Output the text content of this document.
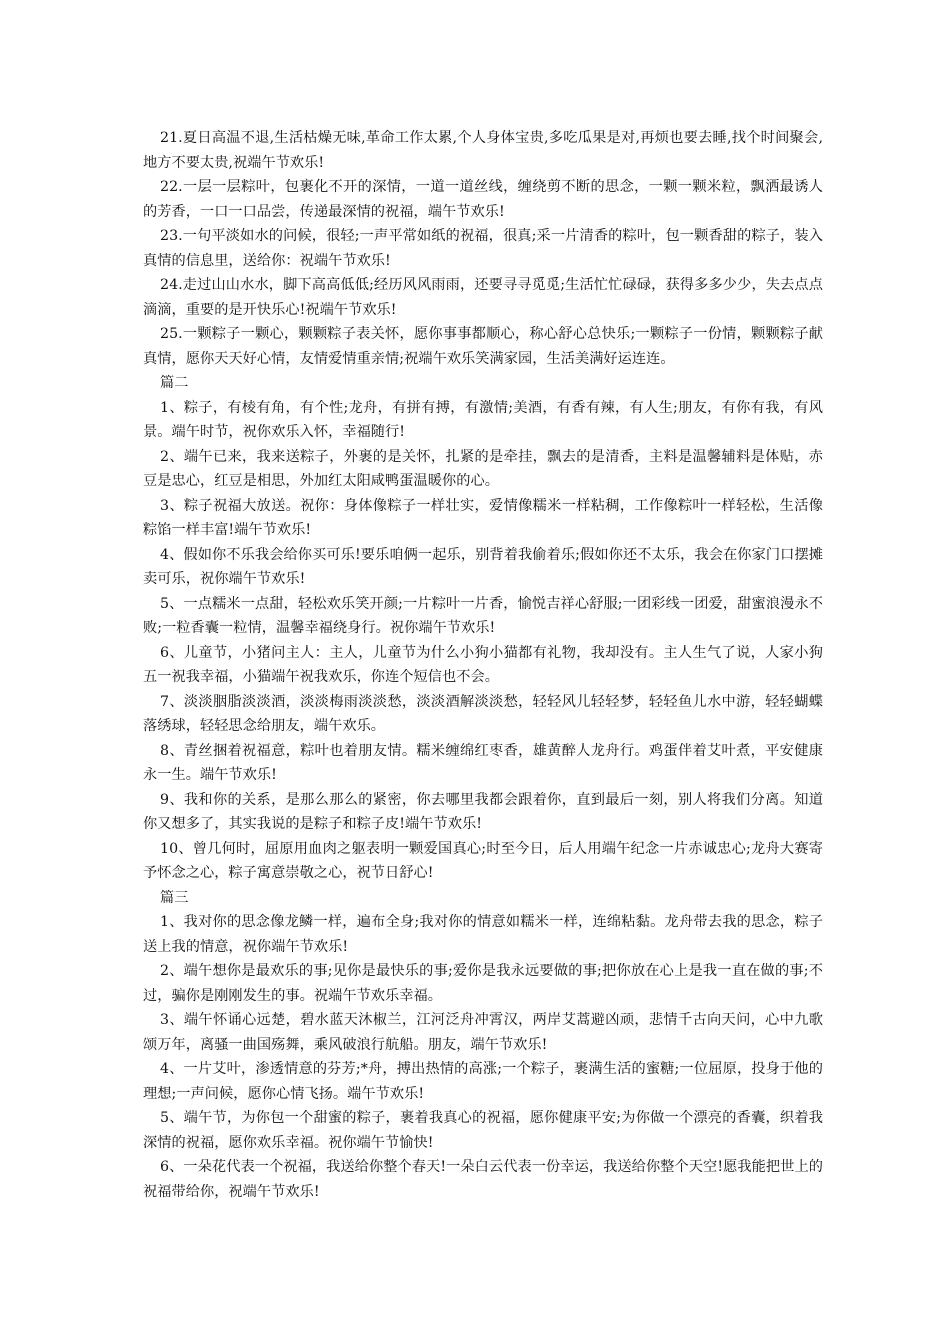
21.夏日高温不退,生活枯燥无味,革命工作太累,个人身体宝贵,多吃瓜果是对,再烦也要去睡,找个时间聚会,地方不要太贵,祝端午节欢乐!

22.一层一层粽叶，包裹化不开的深情，一道一道丝线，缠绕剪不断的思念，一颗一颗米粒，飘洒最诱人的芳香，一口一口品尝，传递最深情的祝福，端午节欢乐!

23.一句平淡如水的问候，很轻;一声平常如纸的祝福，很真;采一片清香的粽叶，包一颗香甜的粽子，装入真情的信息里，送给你：祝端午节欢乐!

24.走过山山水水，脚下高高低低;经历风风雨雨，还要寻寻觅觅;生活忙忙碌碌，获得多多少少，失去点点滴滴，重要的是开快乐心!祝端午节欢乐!

25.一颗粽子一颗心，颗颗粽子表关怀，愿你事事都顺心，称心舒心总快乐;一颗粽子一份情，颗颗粽子献真情，愿你天天好心情，友情爱情重亲情;祝端午欢乐笑满家园，生活美满好运连连。

篇二

1、粽子，有棱有角，有个性;龙舟，有拼有搏，有激情;美酒，有香有辣，有人生;朋友，有你有我，有风景。端午时节，祝你欢乐入怀，幸福随行!

2、端午已来，我来送粽子，外裹的是关怀，扎紧的是牵挂，飘去的是清香，主料是温馨辅料是体贴，赤豆是忠心，红豆是相思，外加红太阳咸鸭蛋温暖你的心。

3、粽子祝福大放送。祝你：身体像粽子一样壮实，爱情像糯米一样粘稠，工作像粽叶一样轻松，生活像粽馅一样丰富!端午节欢乐!

4、假如你不乐我会给你买可乐!要乐咱俩一起乐，别背着我偷着乐;假如你还不太乐，我会在你家门口摆摊卖可乐，祝你端午节欢乐!

5、一点糯米一点甜，轻松欢乐笑开颜;一片粽叶一片香，愉悦吉祥心舒服;一团彩线一团爱，甜蜜浪漫永不败;一粒香囊一粒情，温馨幸福绕身行。祝你端午节欢乐!

6、儿童节，小猪问主人：主人，儿童节为什么小狗小猫都有礼物，我却没有。主人生气了说，人家小狗五一祝我幸福，小猫端午祝我欢乐，你连个短信也不会。

7、淡淡胭脂淡淡酒，淡淡梅雨淡淡愁，淡淡酒解淡淡愁，轻轻风儿轻轻梦，轻轻鱼儿水中游，轻轻蝴蝶落绣球，轻轻思念给朋友，端午欢乐。

8、青丝捆着祝福意，粽叶也着朋友情。糯米缠绵红枣香，雄黄醉人龙舟行。鸡蛋伴着艾叶煮，平安健康永一生。端午节欢乐!

9、我和你的关系，是那么那么的紧密，你去哪里我都会跟着你，直到最后一刻，别人将我们分离。知道你又想多了，其实我说的是粽子和粽子皮!端午节欢乐!

10、曾几何时，屈原用血肉之躯表明一颗爱国真心;时至今日，后人用端午纪念一片赤诚忠心;龙舟大赛寄予怀念之心，粽子寓意崇敬之心，祝节日舒心!

篇三

1、我对你的思念像龙鳞一样，遍布全身;我对你的情意如糯米一样，连绵粘黏。龙舟带去我的思念，粽子送上我的情意，祝你端午节欢乐!

2、端午想你是最欢乐的事;见你是最快乐的事;爱你是我永远要做的事;把你放在心上是我一直在做的事;不过，骗你是刚刚发生的事。祝端午节欢乐幸福。

3、端午怀诵心远楚，碧水蓝天沐椒兰，江河泛舟冲霄汉，两岸艾蒿避凶顽，悲情千古向天问，心中九歌颂万年，离骚一曲国殇舞，乘风破浪行航船。朋友，端午节欢乐!

4、一片艾叶，渗透情意的芬芳;*舟，搏出热情的高涨;一个粽子，裹满生活的蜜糖;一位屈原，投身于他的理想;一声问候，愿你心情飞扬。端午节欢乐!

5、端午节，为你包一个甜蜜的粽子，裹着我真心的祝福，愿你健康平安;为你做一个漂亮的香囊，织着我深情的祝福，愿你欢乐幸福。祝你端午节愉快!

6、一朵花代表一个祝福，我送给你整个春天!一朵白云代表一份幸运，我送给你整个天空!愿我能把世上的祝福带给你，祝端午节欢乐!
